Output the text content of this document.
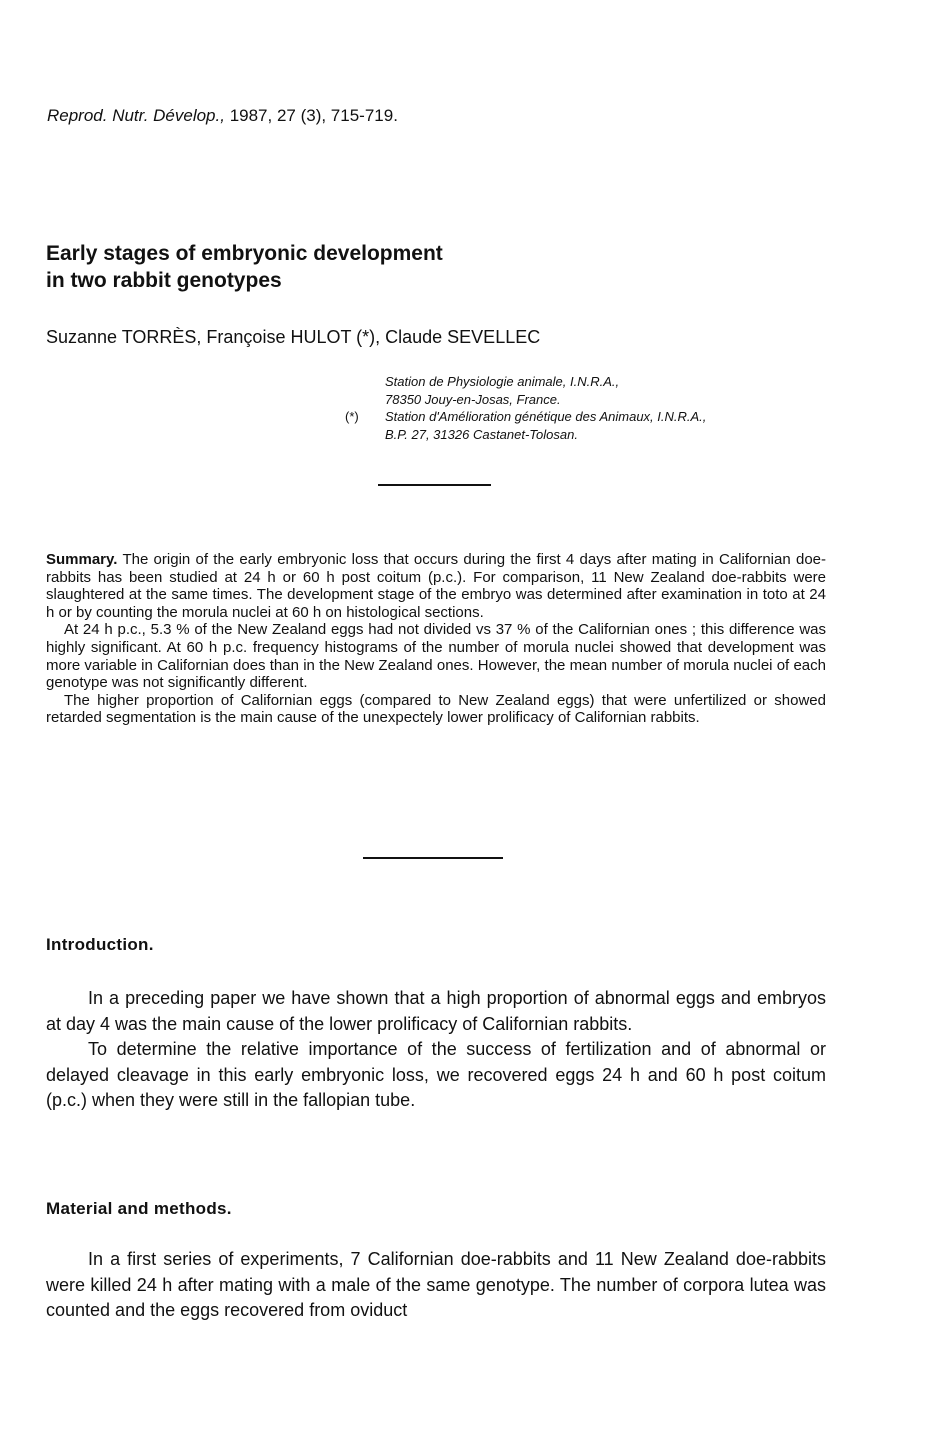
Reprod. Nutr. Dévelop., 1987, 27 (3), 715-719.
Early stages of embryonic development
in two rabbit genotypes
Suzanne TORRÈS, Françoise HULOT (*), Claude SEVELLEC
Station de Physiologie animale, I.N.R.A.,
78350 Jouy-en-Josas, France.
(*) Station d'Amélioration génétique des Animaux, I.N.R.A.,
B.P. 27, 31326 Castanet-Tolosan.

Summary. The origin of the early embryonic loss that occurs during the first 4 days after mating in Californian doe-rabbits has been studied at 24 h or 60 h post coitum (p.c.). For comparison, 11 New Zealand doe-rabbits were slaughtered at the same times. The development stage of the embryo was determined after examination in toto at 24 h or by counting the morula nuclei at 60 h on histological sections.

At 24 h p.c., 5.3 % of the New Zealand eggs had not divided vs 37 % of the Californian ones ; this difference was highly significant. At 60 h p.c. frequency histograms of the number of morula nuclei showed that development was more variable in Californian does than in the New Zealand ones. However, the mean number of morula nuclei of each genotype was not significantly different.

The higher proportion of Californian eggs (compared to New Zealand eggs) that were unfertilized or showed retarded segmentation is the main cause of the unexpectely lower prolificacy of Californian rabbits.

Introduction.

In a preceding paper we have shown that a high proportion of abnormal eggs and embryos at day 4 was the main cause of the lower prolificacy of Californian rabbits.

To determine the relative importance of the success of fertilization and of abnormal or delayed cleavage in this early embryonic loss, we recovered eggs 24 h and 60 h post coitum (p.c.) when they were still in the fallopian tube.

Material and methods.

In a first series of experiments, 7 Californian doe-rabbits and 11 New Zealand doe-rabbits were killed 24 h after mating with a male of the same genotype. The number of corpora lutea was counted and the eggs recovered from oviduct
